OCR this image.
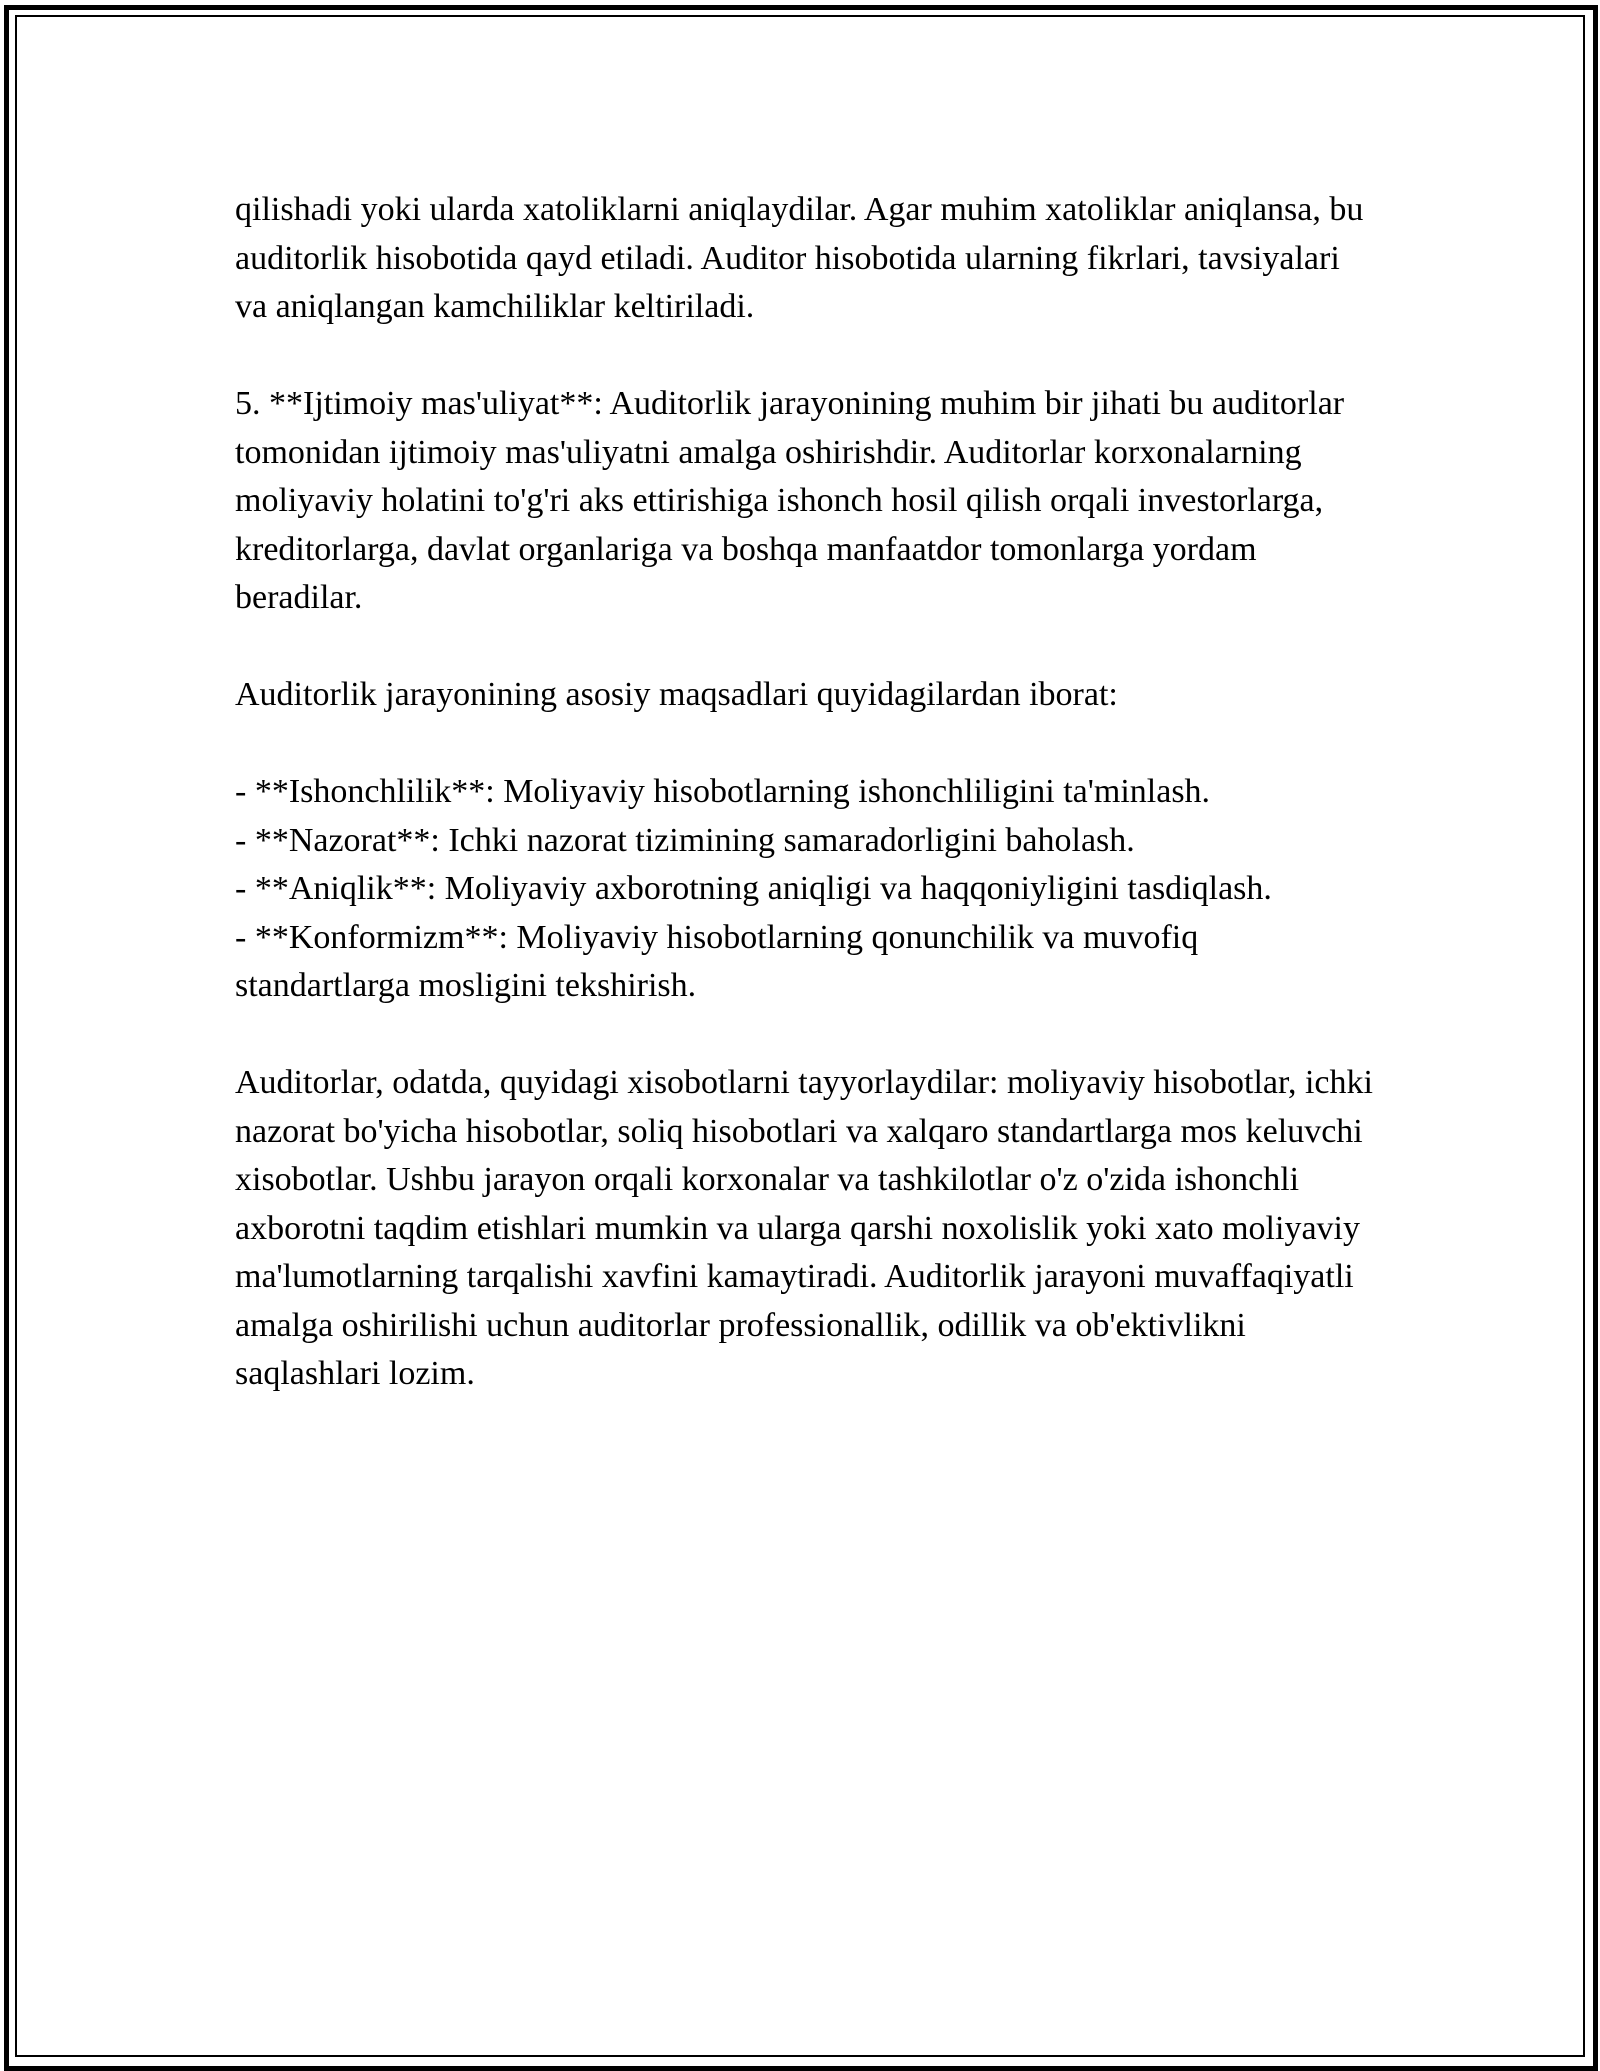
qilishadi yoki ularda xatoliklarni aniqlaydilar. Agar muhim xatoliklar aniqlansa, bu auditorlik hisobotida qayd etiladi. Auditor hisobotida ularning fikrlari, tavsiyalari va aniqlangan kamchiliklar keltiriladi.

5. **Ijtimoiy mas'uliyat**: Auditorlik jarayonining muhim bir jihati bu auditorlar tomonidan ijtimoiy mas'uliyatni amalga oshirishdir. Auditorlar korxonalarning moliyaviy holatini to'g'ri aks ettirishiga ishonch hosil qilish orqali investorlarga, kreditorlarga, davlat organlariga va boshqa manfaatdor tomonlarga yordam beradilar.

Auditorlik jarayonining asosiy maqsadlari quyidagilardan iborat:

- **Ishonchlilik**: Moliyaviy hisobotlarning ishonchliligini ta'minlash.
- **Nazorat**: Ichki nazorat tizimining samaradorligini baholash.
- **Aniqlik**: Moliyaviy axborotning aniqligi va haqqoniyligini tasdiqlash.
- **Konformizm**: Moliyaviy hisobotlarning qonunchilik va muvofiq standartlarga mosligini tekshirish.

Auditorlar, odatda, quyidagi xisobotlarni tayyorlaydilar: moliyaviy hisobotlar, ichki nazorat bo'yicha hisobotlar, soliq hisobotlari va xalqaro standartlarga mos keluvchi xisobotlar. Ushbu jarayon orqali korxonalar va tashkilotlar o'z o'zida ishonchli axborotni taqdim etishlari mumkin va ularga qarshi noxolislik yoki xato moliyaviy ma'lumotlarning tarqalishi xavfini kamaytiradi. Auditorlik jarayoni muvaffaqiyatli amalga oshirilishi uchun auditorlar professionallik, odillik va ob'ektivlikni saqlashlari lozim.
